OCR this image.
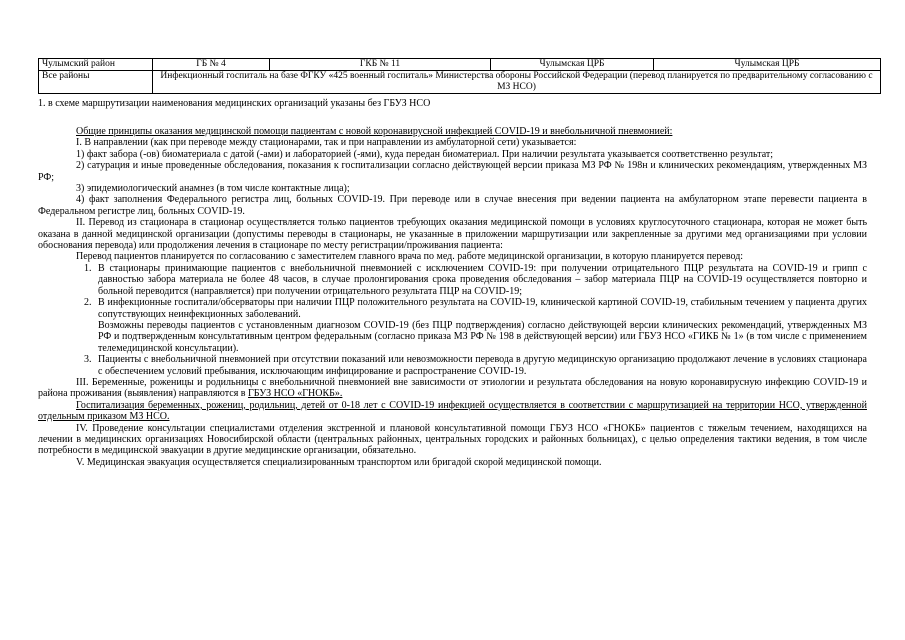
Чулымский район	ГБ № 4	ГКБ № 11	Чулымская ЦРБ	Чулымская ЦРБ
Все районы	Инфекционный госпиталь на базе ФГКУ «425 военный госпиталь» Министерства обороны Российской Федерации (перевод планируется по предварительному согласованию с МЗ НСО)			
1. в схеме маршрутизации наименования медицинских организаций указаны без ГБУЗ НСО

Общие принципы оказания медицинской помощи пациентам с новой коронавирусной инфекцией COVID-19 и внебольничной пневмонией:

I. В направлении (как при переводе между стационарами, так и при направлении из амбулаторной сети) указывается:

1) факт забора (-ов) биоматериала с датой (-ами) и лабораторией (-ями), куда передан биоматериал. При наличии результата указывается соответственно результат;

2) сатурация и иные проведенные обследования, показания к госпитализации согласно действующей версии приказа МЗ РФ № 198н и клинических рекомендациям, утвержденных МЗ РФ;

3) эпидемиологический анамнез (в том числе контактные лица);

4) факт заполнения Федерального регистра лиц, больных COVID-19. При переводе или в случае внесения при ведении пациента на амбулаторном этапе перевести пациента в Федеральном регистре лиц, больных COVID-19.

II. Перевод из стационара в стационар осуществляется только пациентов требующих оказания медицинской помощи в условиях круглосуточного стационара, которая не может быть оказана в данной медицинской организации (допустимы переводы в стационары, не указанные в приложении маршрутизации или закрепленные за другими мед организациями при условии обоснования перевода) или продолжения лечения в стационаре по месту регистрации/проживания пациента:

Перевод пациентов планируется по согласованию с заместителем главного врача по мед. работе медицинской организации, в которую планируется перевод:

1. В стационары принимающие пациентов с внебольничной пневмонией с исключением COVID-19: при получении отрицательного ПЦР результата на COVID-19 и грипп с давностью забора материала не более 48 часов, в случае пролонгирования срока проведения обследования – забор материала ПЦР на COVID-19 осуществляется повторно и больной переводится (направляется) при получении отрицательного результата ПЦР на COVID-19;
2. В инфекционные госпитали/обсерваторы при наличии ПЦР положительного результата на COVID-19, клинической картиной COVID-19, стабильным течением у пациента других сопутствующих неинфекционных заболеваний.
Возможны переводы пациентов с установленным диагнозом COVID-19 (без ПЦР подтверждения) согласно действующей версии клинических рекомендаций, утвержденных МЗ РФ и подтвержденным консультативным центром федеральным (согласно приказа МЗ РФ № 198 в действующей версии) или ГБУЗ НСО «ГИКБ № 1» (в том числе с применением телемедицинской консультации).
3. Пациенты с внебольничной пневмонией при отсутствии показаний или невозможности перевода в другую медицинскую организацию продолжают лечение в условиях стационара с обеспечением условий пребывания, исключающим инфицирование и распространение COVID-19.

III. Беременные, роженицы и родильницы с внебольничной пневмонией вне зависимости от этиологии и результата обследования на новую коронавирусную инфекцию COVID-19 и района проживания (выявления) направляются в ГБУЗ НСО «ГНОКБ».

Госпитализация беременных, рожениц, родильниц, детей от 0-18 лет с COVID-19 инфекцией осуществляется в соответствии с маршрутизацией на территории НСО, утвержденной отдельным приказом МЗ НСО.

IV. Проведение консультации специалистами отделения экстренной и плановой консультативной помощи ГБУЗ НСО «ГНОКБ» пациентов с тяжелым течением, находящихся на лечении в медицинских организациях Новосибирской области (центральных районных, центральных городских и районных больницах), с целью определения тактики ведения, в том числе потребности в медицинской эвакуации в другие медицинские организации, обязательно.

V. Медицинская эвакуация осуществляется специализированным транспортом или бригадой скорой медицинской помощи.
